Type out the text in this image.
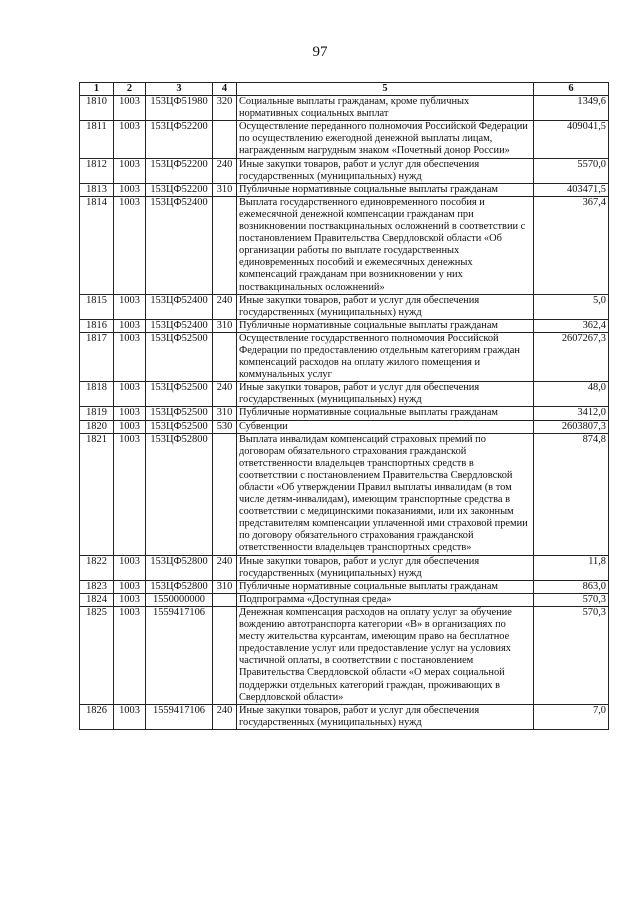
97
1	2	3	4	5	6
1810	1003	153ЦФ51980	320	Социальные выплаты гражданам, кроме публичных нормативных социальных выплат	1349,6
1811	1003	153ЦФ52200		Осуществление переданного полномочия Российской Федерации по осуществлению ежегодной денежной выплаты лицам, награжденным нагрудным знаком «Почетный донор России»	409041,5
1812	1003	153ЦФ52200	240	Иные закупки товаров, работ и услуг для обеспечения государственных (муниципальных) нужд	5570,0
1813	1003	153ЦФ52200	310	Публичные нормативные социальные выплаты гражданам	403471,5
1814	1003	153ЦФ52400		Выплата государственного единовременного пособия и ежемесячной денежной компенсации гражданам при возникновении поствакцинальных осложнений в соответствии с постановлением Правительства Свердловской области «Об организации работы по выплате государственных единовременных пособий и ежемесячных денежных компенсаций гражданам при возникновении у них поствакцинальных осложнений»	367,4
1815	1003	153ЦФ52400	240	Иные закупки товаров, работ и услуг для обеспечения государственных (муниципальных) нужд	5,0
1816	1003	153ЦФ52400	310	Публичные нормативные социальные выплаты гражданам	362,4
1817	1003	153ЦФ52500		Осуществление государственного полномочия Российской Федерации по предоставлению отдельным категориям граждан компенсаций расходов на оплату жилого помещения и коммунальных услуг	2607267,3
1818	1003	153ЦФ52500	240	Иные закупки товаров, работ и услуг для обеспечения государственных (муниципальных) нужд	48,0
1819	1003	153ЦФ52500	310	Публичные нормативные социальные выплаты гражданам	3412,0
1820	1003	153ЦФ52500	530	Субвенции	2603807,3
1821	1003	153ЦФ52800		Выплата инвалидам компенсаций страховых премий по договорам обязательного страхования гражданской ответственности владельцев транспортных средств в соответствии с постановлением Правительства Свердловской области «Об утверждении Правил выплаты инвалидам (в том числе детям-инвалидам), имеющим транспортные средства в соответствии с медицинскими показаниями, или их законным представителям компенсации уплаченной ими страховой премии по договору обязательного страхования гражданской ответственности владельцев транспортных средств»	874,8
1822	1003	153ЦФ52800	240	Иные закупки товаров, работ и услуг для обеспечения государственных (муниципальных) нужд	11,8
1823	1003	153ЦФ52800	310	Публичные нормативные социальные выплаты гражданам	863,0
1824	1003	1550000000		Подпрограмма «Доступная среда»	570,3
1825	1003	1559417106		Денежная компенсация расходов на оплату услуг за обучение вождению автотранспорта категории «В» в организациях по месту жительства курсантам, имеющим право на бесплатное предоставление услуг или предоставление услуг на условиях частичной оплаты, в соответствии с постановлением Правительства Свердловской области «О мерах социальной поддержки отдельных категорий граждан, проживающих в Свердловской области»	570,3
1826	1003	1559417106	240	Иные закупки товаров, работ и услуг для обеспечения государственных (муниципальных) нужд	7,0
